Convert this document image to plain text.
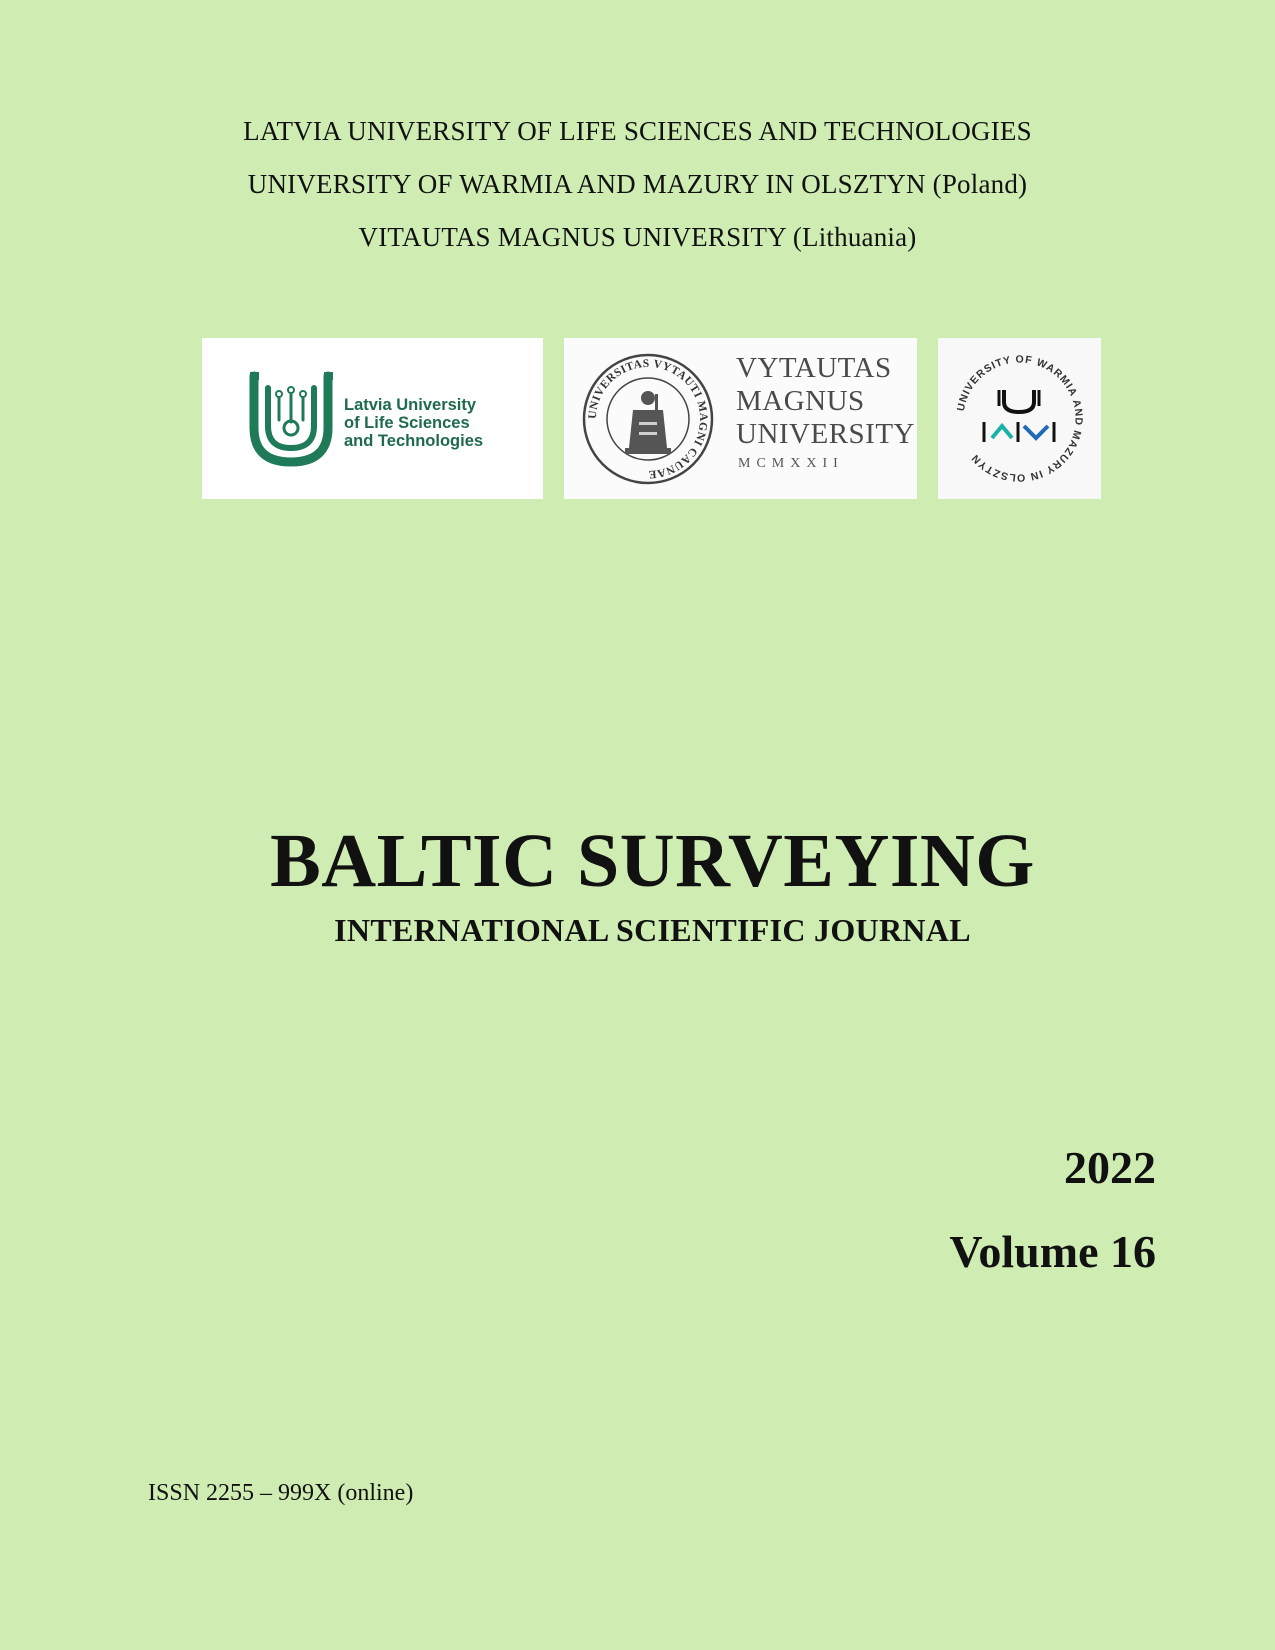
LATVIA UNIVERSITY OF LIFE SCIENCES AND TECHNOLOGIES
UNIVERSITY OF WARMIA AND MAZURY IN OLSZTYN (Poland)
VITAUTAS MAGNUS UNIVERSITY (Lithuania)
Latvia University
of Life Sciences
and Technologies
UNIVERSITAS VYTAUTI MAGNI CAUNAE
VYTAUTAS
MAGNUS
UNIVERSITY
MCMXXII
UNIVERSITY OF WARMIA AND MAZURY IN OLSZTYN
BALTIC SURVEYING
INTERNATIONAL SCIENTIFIC JOURNAL
2022
Volume 16
ISSN 2255 – 999X (online)
